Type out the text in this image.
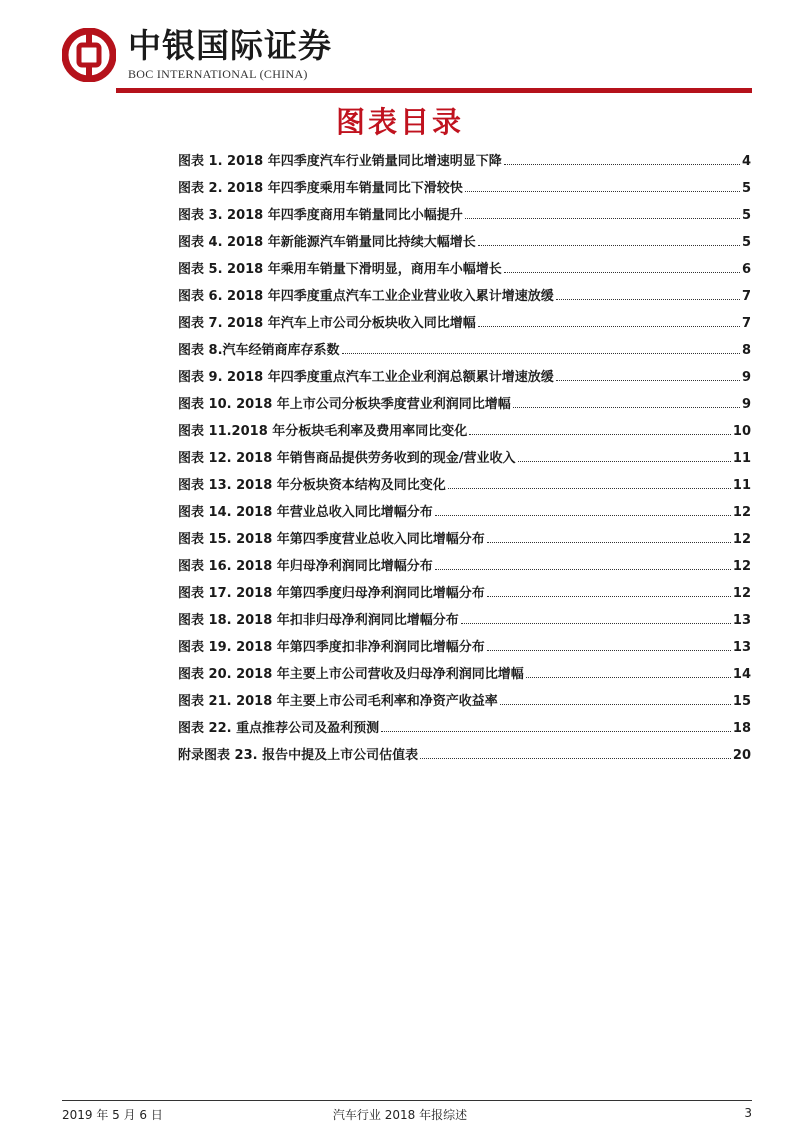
中银国际证券
BOC INTERNATIONAL (CHINA)
图表目录
图表 1. 2018 年四季度汽车行业销量同比增速明显下降	4
图表 2. 2018 年四季度乘用车销量同比下滑较快	5
图表 3. 2018 年四季度商用车销量同比小幅提升	5
图表 4. 2018 年新能源汽车销量同比持续大幅增长	5
图表 5. 2018 年乘用车销量下滑明显，商用车小幅增长	6
图表 6. 2018 年四季度重点汽车工业企业营业收入累计增速放缓	7
图表 7. 2018 年汽车上市公司分板块收入同比增幅	7
图表 8.汽车经销商库存系数	8
图表 9. 2018 年四季度重点汽车工业企业利润总额累计增速放缓	9
图表 10. 2018 年上市公司分板块季度营业利润同比增幅	9
图表 11.2018 年分板块毛利率及费用率同比变化	10
图表 12. 2018 年销售商品提供劳务收到的现金/营业收入	11
图表 13. 2018 年分板块资本结构及同比变化	11
图表 14. 2018 年营业总收入同比增幅分布	12
图表 15. 2018 年第四季度营业总收入同比增幅分布	12
图表 16. 2018 年归母净利润同比增幅分布	12
图表 17. 2018 年第四季度归母净利润同比增幅分布	12
图表 18. 2018 年扣非归母净利润同比增幅分布	13
图表 19. 2018 年第四季度扣非净利润同比增幅分布	13
图表 20. 2018 年主要上市公司营收及归母净利润同比增幅	14
图表 21. 2018 年主要上市公司毛利率和净资产收益率	15
图表 22. 重点推荐公司及盈利预测	18
附录图表 23. 报告中提及上市公司估值表	20
2019 年 5 月 6 日	汽车行业 2018 年报综述	3
